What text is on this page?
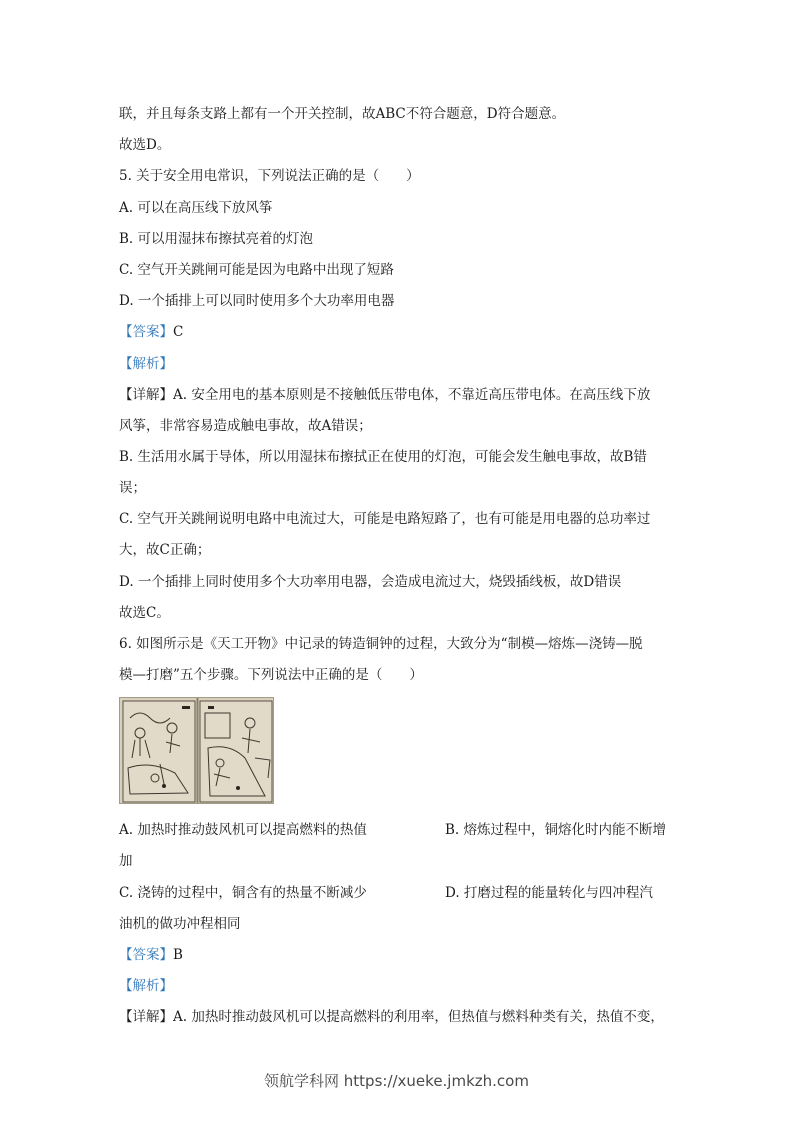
联，并且每条支路上都有一个开关控制，故ABC不符合题意，D符合题意。
故选D。
5. 关于安全用电常识，下列说法正确的是（　　）
A. 可以在高压线下放风筝
B. 可以用湿抹布擦拭亮着的灯泡
C. 空气开关跳闸可能是因为电路中出现了短路
D. 一个插排上可以同时使用多个大功率用电器
【答案】C
【解析】
【详解】A. 安全用电的基本原则是不接触低压带电体，不靠近高压带电体。在高压线下放
风筝，非常容易造成触电事故，故A错误；
B. 生活用水属于导体，所以用湿抹布擦拭正在使用的灯泡，可能会发生触电事故，故B错
误；
C. 空气开关跳闸说明电路中电流过大，可能是电路短路了，也有可能是用电器的总功率过
大，故C正确；
D. 一个插排上同时使用多个大功率用电器，会造成电流过大，烧毁插线板，故D错误
故选C。
6. 如图所示是《天工开物》中记录的铸造铜钟的过程，大致分为“制模—熔炼—浇铸—脱
模—打磨”五个步骤。下列说法中正确的是（　　）
A. 加热时推动鼓风机可以提高燃料的热值	B. 熔炼过程中，铜熔化时内能不断增
加
C. 浇铸的过程中，铜含有的热量不断减少	D. 打磨过程的能量转化与四冲程汽
油机的做功冲程相同
【答案】B
【解析】
【详解】A. 加热时推动鼓风机可以提高燃料的利用率，但热值与燃料种类有关，热值不变，
领航学科网 https://xueke.jmkzh.com
